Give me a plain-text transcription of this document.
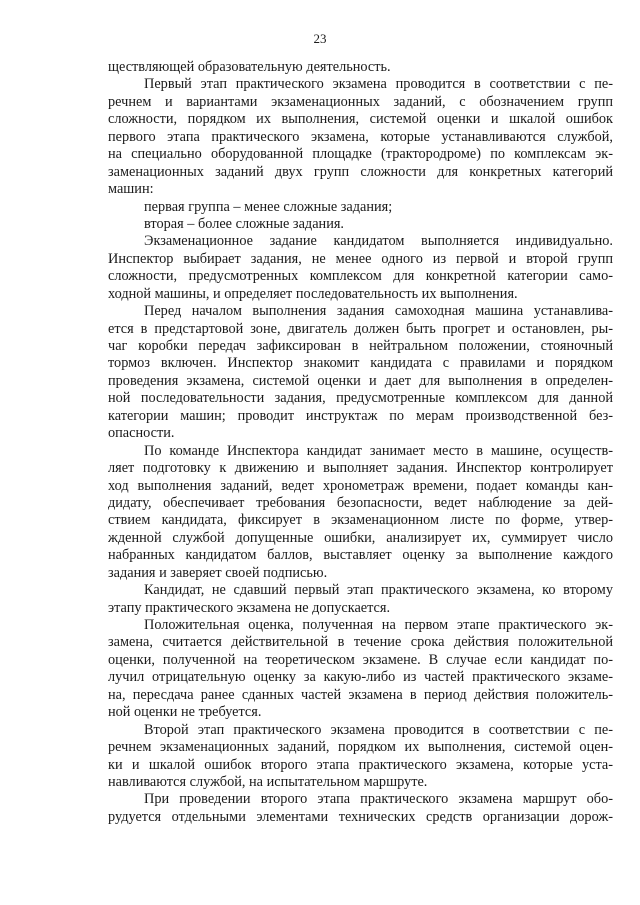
23
ществляющей образовательную деятельность.
Первый этап практического экзамена проводится в соответствии с пе-
речнем и вариантами экзаменационных заданий, с обозначением групп
сложности, порядком их выполнения, системой оценки и шкалой ошибок
первого этапа практического экзамена, которые устанавливаются службой,
на специально оборудованной площадке (трактородроме) по комплексам эк-
заменационных заданий двух групп сложности для конкретных категорий
машин:
первая группа – менее сложные задания;
вторая – более сложные задания.
Экзаменационное задание кандидатом выполняется индивидуально.
Инспектор выбирает задания, не менее одного из первой и второй групп
сложности, предусмотренных комплексом для конкретной категории само-
ходной машины, и определяет последовательность их выполнения.
Перед началом выполнения задания самоходная машина устанавлива-
ется в предстартовой зоне, двигатель должен быть прогрет и остановлен, ры-
чаг коробки передач зафиксирован в нейтральном положении, стояночный
тормоз включен. Инспектор знакомит кандидата с правилами и порядком
проведения экзамена, системой оценки и дает для выполнения в определен-
ной последовательности задания, предусмотренные комплексом для данной
категории машин; проводит инструктаж по мерам производственной без-
опасности.
По команде Инспектора кандидат занимает место в машине, осуществ-
ляет подготовку к движению и выполняет задания. Инспектор контролирует
ход выполнения заданий, ведет хронометраж времени, подает команды кан-
дидату, обеспечивает требования безопасности, ведет наблюдение за дей-
ствием кандидата, фиксирует в экзаменационном листе по форме, утвер-
жденной службой допущенные ошибки, анализирует их, суммирует число
набранных кандидатом баллов, выставляет оценку за выполнение каждого
задания и заверяет своей подписью.
Кандидат, не сдавший первый этап практического экзамена, ко второму
этапу практического экзамена не допускается.
Положительная оценка, полученная на первом этапе практического эк-
замена, считается действительной в течение срока действия положительной
оценки, полученной на теоретическом экзамене. В случае если кандидат по-
лучил отрицательную оценку за какую-либо из частей практического экзаме-
на, пересдача ранее сданных частей экзамена в период действия положитель-
ной оценки не требуется.
Второй этап практического экзамена проводится в соответствии с пе-
речнем экзаменационных заданий, порядком их выполнения, системой оцен-
ки и шкалой ошибок второго этапа практического экзамена, которые уста-
навливаются службой, на испытательном маршруте.
При проведении второго этапа практического экзамена маршрут обо-
рудуется отдельными элементами технических средств организации дорож-
